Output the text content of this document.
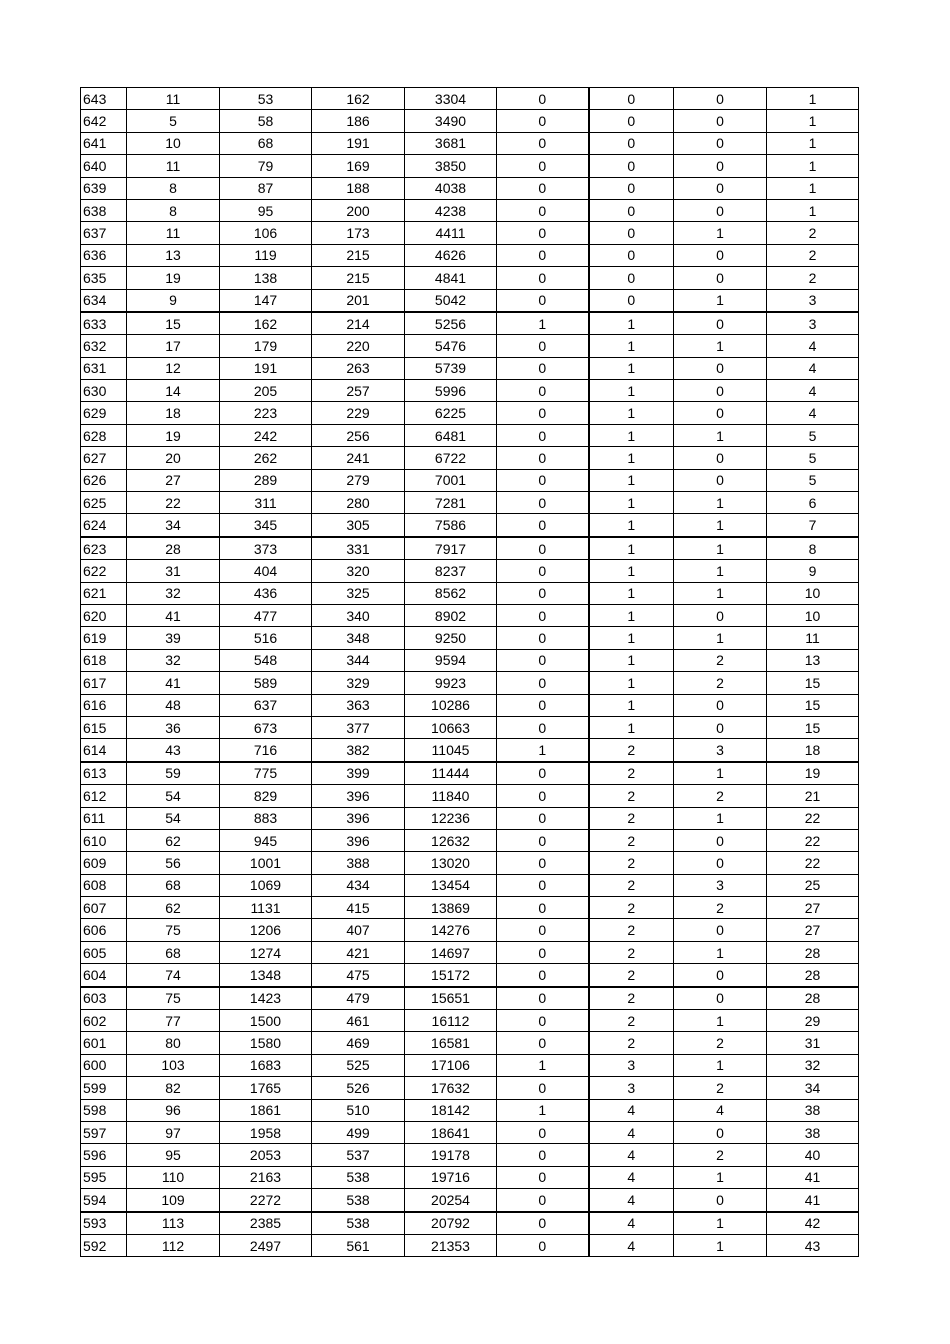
643	11	53	162	3304	0	0	0	1
642	5	58	186	3490	0	0	0	1
641	10	68	191	3681	0	0	0	1
640	11	79	169	3850	0	0	0	1
639	8	87	188	4038	0	0	0	1
638	8	95	200	4238	0	0	0	1
637	11	106	173	4411	0	0	1	2
636	13	119	215	4626	0	0	0	2
635	19	138	215	4841	0	0	0	2
634	9	147	201	5042	0	0	1	3
633	15	162	214	5256	1	1	0	3
632	17	179	220	5476	0	1	1	4
631	12	191	263	5739	0	1	0	4
630	14	205	257	5996	0	1	0	4
629	18	223	229	6225	0	1	0	4
628	19	242	256	6481	0	1	1	5
627	20	262	241	6722	0	1	0	5
626	27	289	279	7001	0	1	0	5
625	22	311	280	7281	0	1	1	6
624	34	345	305	7586	0	1	1	7
623	28	373	331	7917	0	1	1	8
622	31	404	320	8237	0	1	1	9
621	32	436	325	8562	0	1	1	10
620	41	477	340	8902	0	1	0	10
619	39	516	348	9250	0	1	1	11
618	32	548	344	9594	0	1	2	13
617	41	589	329	9923	0	1	2	15
616	48	637	363	10286	0	1	0	15
615	36	673	377	10663	0	1	0	15
614	43	716	382	11045	1	2	3	18
613	59	775	399	11444	0	2	1	19
612	54	829	396	11840	0	2	2	21
611	54	883	396	12236	0	2	1	22
610	62	945	396	12632	0	2	0	22
609	56	1001	388	13020	0	2	0	22
608	68	1069	434	13454	0	2	3	25
607	62	1131	415	13869	0	2	2	27
606	75	1206	407	14276	0	2	0	27
605	68	1274	421	14697	0	2	1	28
604	74	1348	475	15172	0	2	0	28
603	75	1423	479	15651	0	2	0	28
602	77	1500	461	16112	0	2	1	29
601	80	1580	469	16581	0	2	2	31
600	103	1683	525	17106	1	3	1	32
599	82	1765	526	17632	0	3	2	34
598	96	1861	510	18142	1	4	4	38
597	97	1958	499	18641	0	4	0	38
596	95	2053	537	19178	0	4	2	40
595	110	2163	538	19716	0	4	1	41
594	109	2272	538	20254	0	4	0	41
593	113	2385	538	20792	0	4	1	42
592	112	2497	561	21353	0	4	1	43
